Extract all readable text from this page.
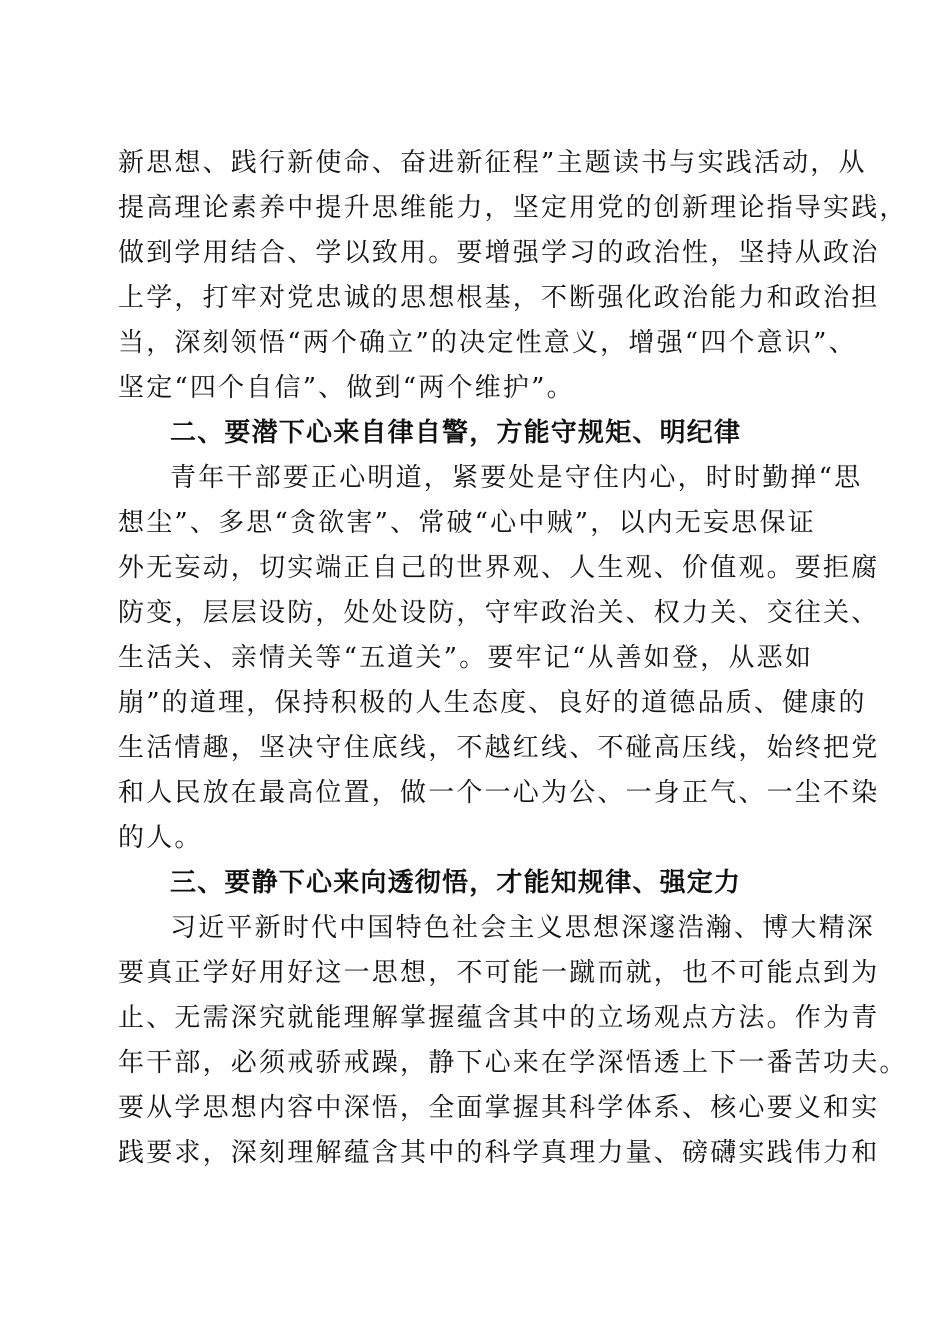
新思想、践行新使命、奋进新征程”主题读书与实践活动，从
提高理论素养中提升思维能力，坚定用党的创新理论指导实践，
做到学用结合、学以致用。要增强学习的政治性，坚持从政治
上学，打牢对党忠诚的思想根基，不断强化政治能力和政治担
当，深刻领悟“两个确立”的决定性意义，增强“四个意识”、
坚定“四个自信”、做到“两个维护”。
二、要潜下心来自律自警，方能守规矩、明纪律
青年干部要正心明道，紧要处是守住内心，时时勤掸“思
想尘”、多思“贪欲害”、常破“心中贼”，以内无妄思保证
外无妄动，切实端正自己的世界观、人生观、价值观。要拒腐
防变，层层设防，处处设防，守牢政治关、权力关、交往关、
生活关、亲情关等“五道关”。要牢记“从善如登，从恶如
崩”的道理，保持积极的人生态度、良好的道德品质、健康的
生活情趣，坚决守住底线，不越红线、不碰高压线，始终把党
和人民放在最高位置，做一个一心为公、一身正气、一尘不染
的人。
三、要静下心来向透彻悟，才能知规律、强定力
习近平新时代中国特色社会主义思想深邃浩瀚、博大精深
要真正学好用好这一思想，不可能一蹴而就，也不可能点到为
止、无需深究就能理解掌握蕴含其中的立场观点方法。作为青
年干部，必须戒骄戒躁，静下心来在学深悟透上下一番苦功夫。
要从学思想内容中深悟，全面掌握其科学体系、核心要义和实
践要求，深刻理解蕴含其中的科学真理力量、磅礴实践伟力和
